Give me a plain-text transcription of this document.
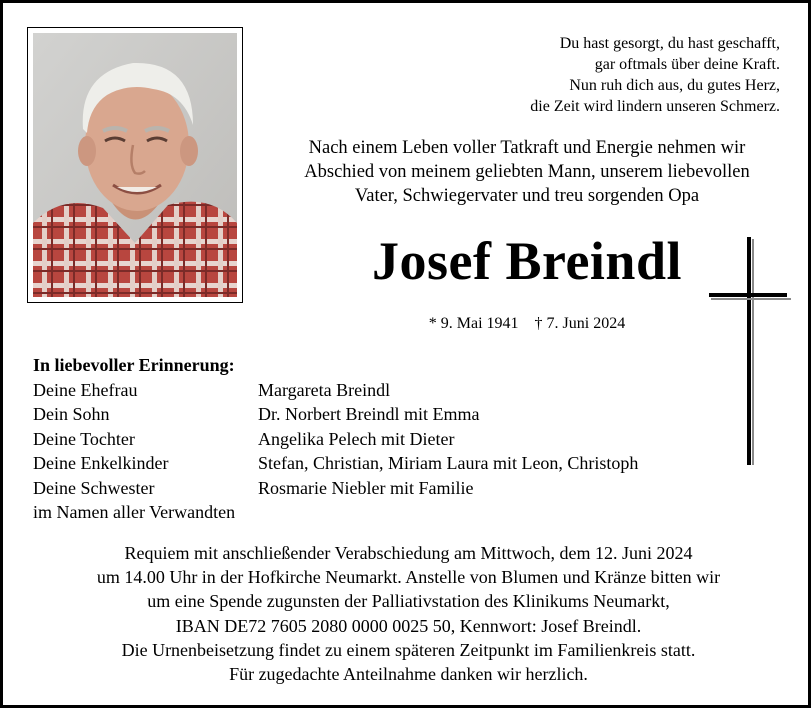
Du hast gesorgt, du hast geschafft,
gar oftmals über deine Kraft.
Nun ruh dich aus, du gutes Herz,
die Zeit wird lindern unseren Schmerz.
Nach einem Leben voller Tatkraft und Energie nehmen wir
Abschied von meinem geliebten Mann, unserem liebevollen
Vater, Schwiegervater und treu sorgenden Opa
Josef Breindl
* 9. Mai 1941 † 7. Juni 2024
In liebevoller Erinnerung:
Deine Ehefrau	Margareta Breindl
Dein Sohn	Dr. Norbert Breindl mit Emma
Deine Tochter	Angelika Pelech mit Dieter
Deine Enkelkinder	Stefan, Christian, Miriam Laura mit Leon, Christoph
Deine Schwester	Rosmarie Niebler mit Familie
im Namen aller Verwandten
Requiem mit anschließender Verabschiedung am Mittwoch, dem 12. Juni 2024
um 14.00 Uhr in der Hofkirche Neumarkt. Anstelle von Blumen und Kränze bitten wir
um eine Spende zugunsten der Palliativstation des Klinikums Neumarkt,
IBAN DE72 7605 2080 0000 0025 50, Kennwort: Josef Breindl.
Die Urnenbeisetzung findet zu einem späteren Zeitpunkt im Familienkreis statt.
Für zugedachte Anteilnahme danken wir herzlich.
